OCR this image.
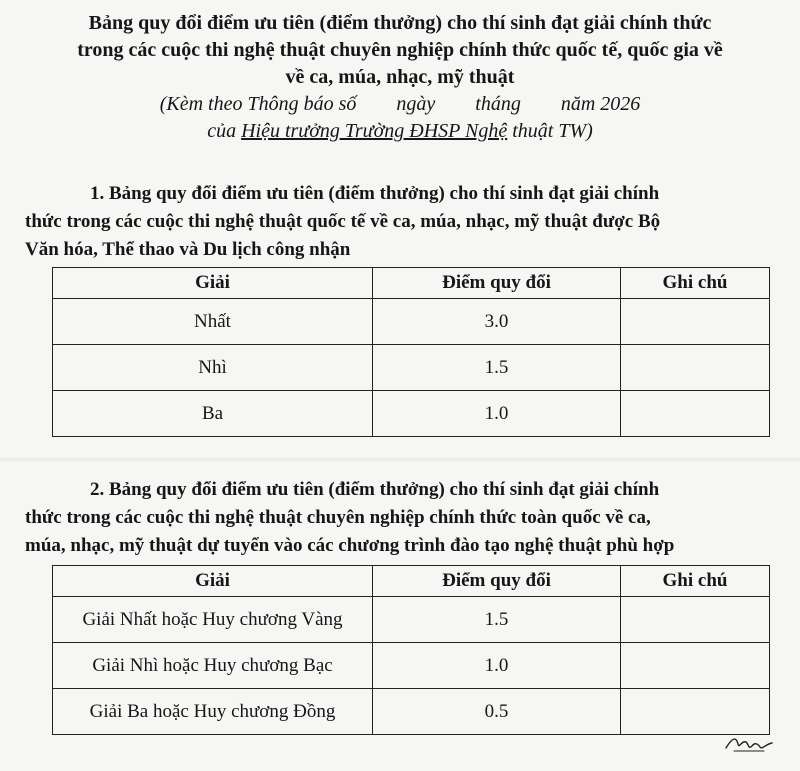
Bảng quy đổi điểm ưu tiên (điểm thưởng) cho thí sinh đạt giải chính thức
trong các cuộc thi nghệ thuật chuyên nghiệp chính thức quốc tế, quốc gia về
về ca, múa, nhạc, mỹ thuật
(Kèm theo Thông báo số ngày tháng năm 2026
của Hiệu trưởng Trường ĐHSP Nghệ thuật TW)
1. Bảng quy đổi điểm ưu tiên (điểm thưởng) cho thí sinh đạt giải chính
thức trong các cuộc thi nghệ thuật quốc tế về ca, múa, nhạc, mỹ thuật được Bộ
Văn hóa, Thể thao và Du lịch công nhận
Giải	Điểm quy đổi	Ghi chú
Nhất	3.0	
Nhì	1.5	
Ba	1.0	
2. Bảng quy đổi điểm ưu tiên (điểm thưởng) cho thí sinh đạt giải chính
thức trong các cuộc thi nghệ thuật chuyên nghiệp chính thức toàn quốc về ca,
múa, nhạc, mỹ thuật dự tuyển vào các chương trình đào tạo nghệ thuật phù hợp
Giải	Điểm quy đổi	Ghi chú
Giải Nhất hoặc Huy chương Vàng	1.5	
Giải Nhì hoặc Huy chương Bạc	1.0	
Giải Ba hoặc Huy chương Đồng	0.5	
